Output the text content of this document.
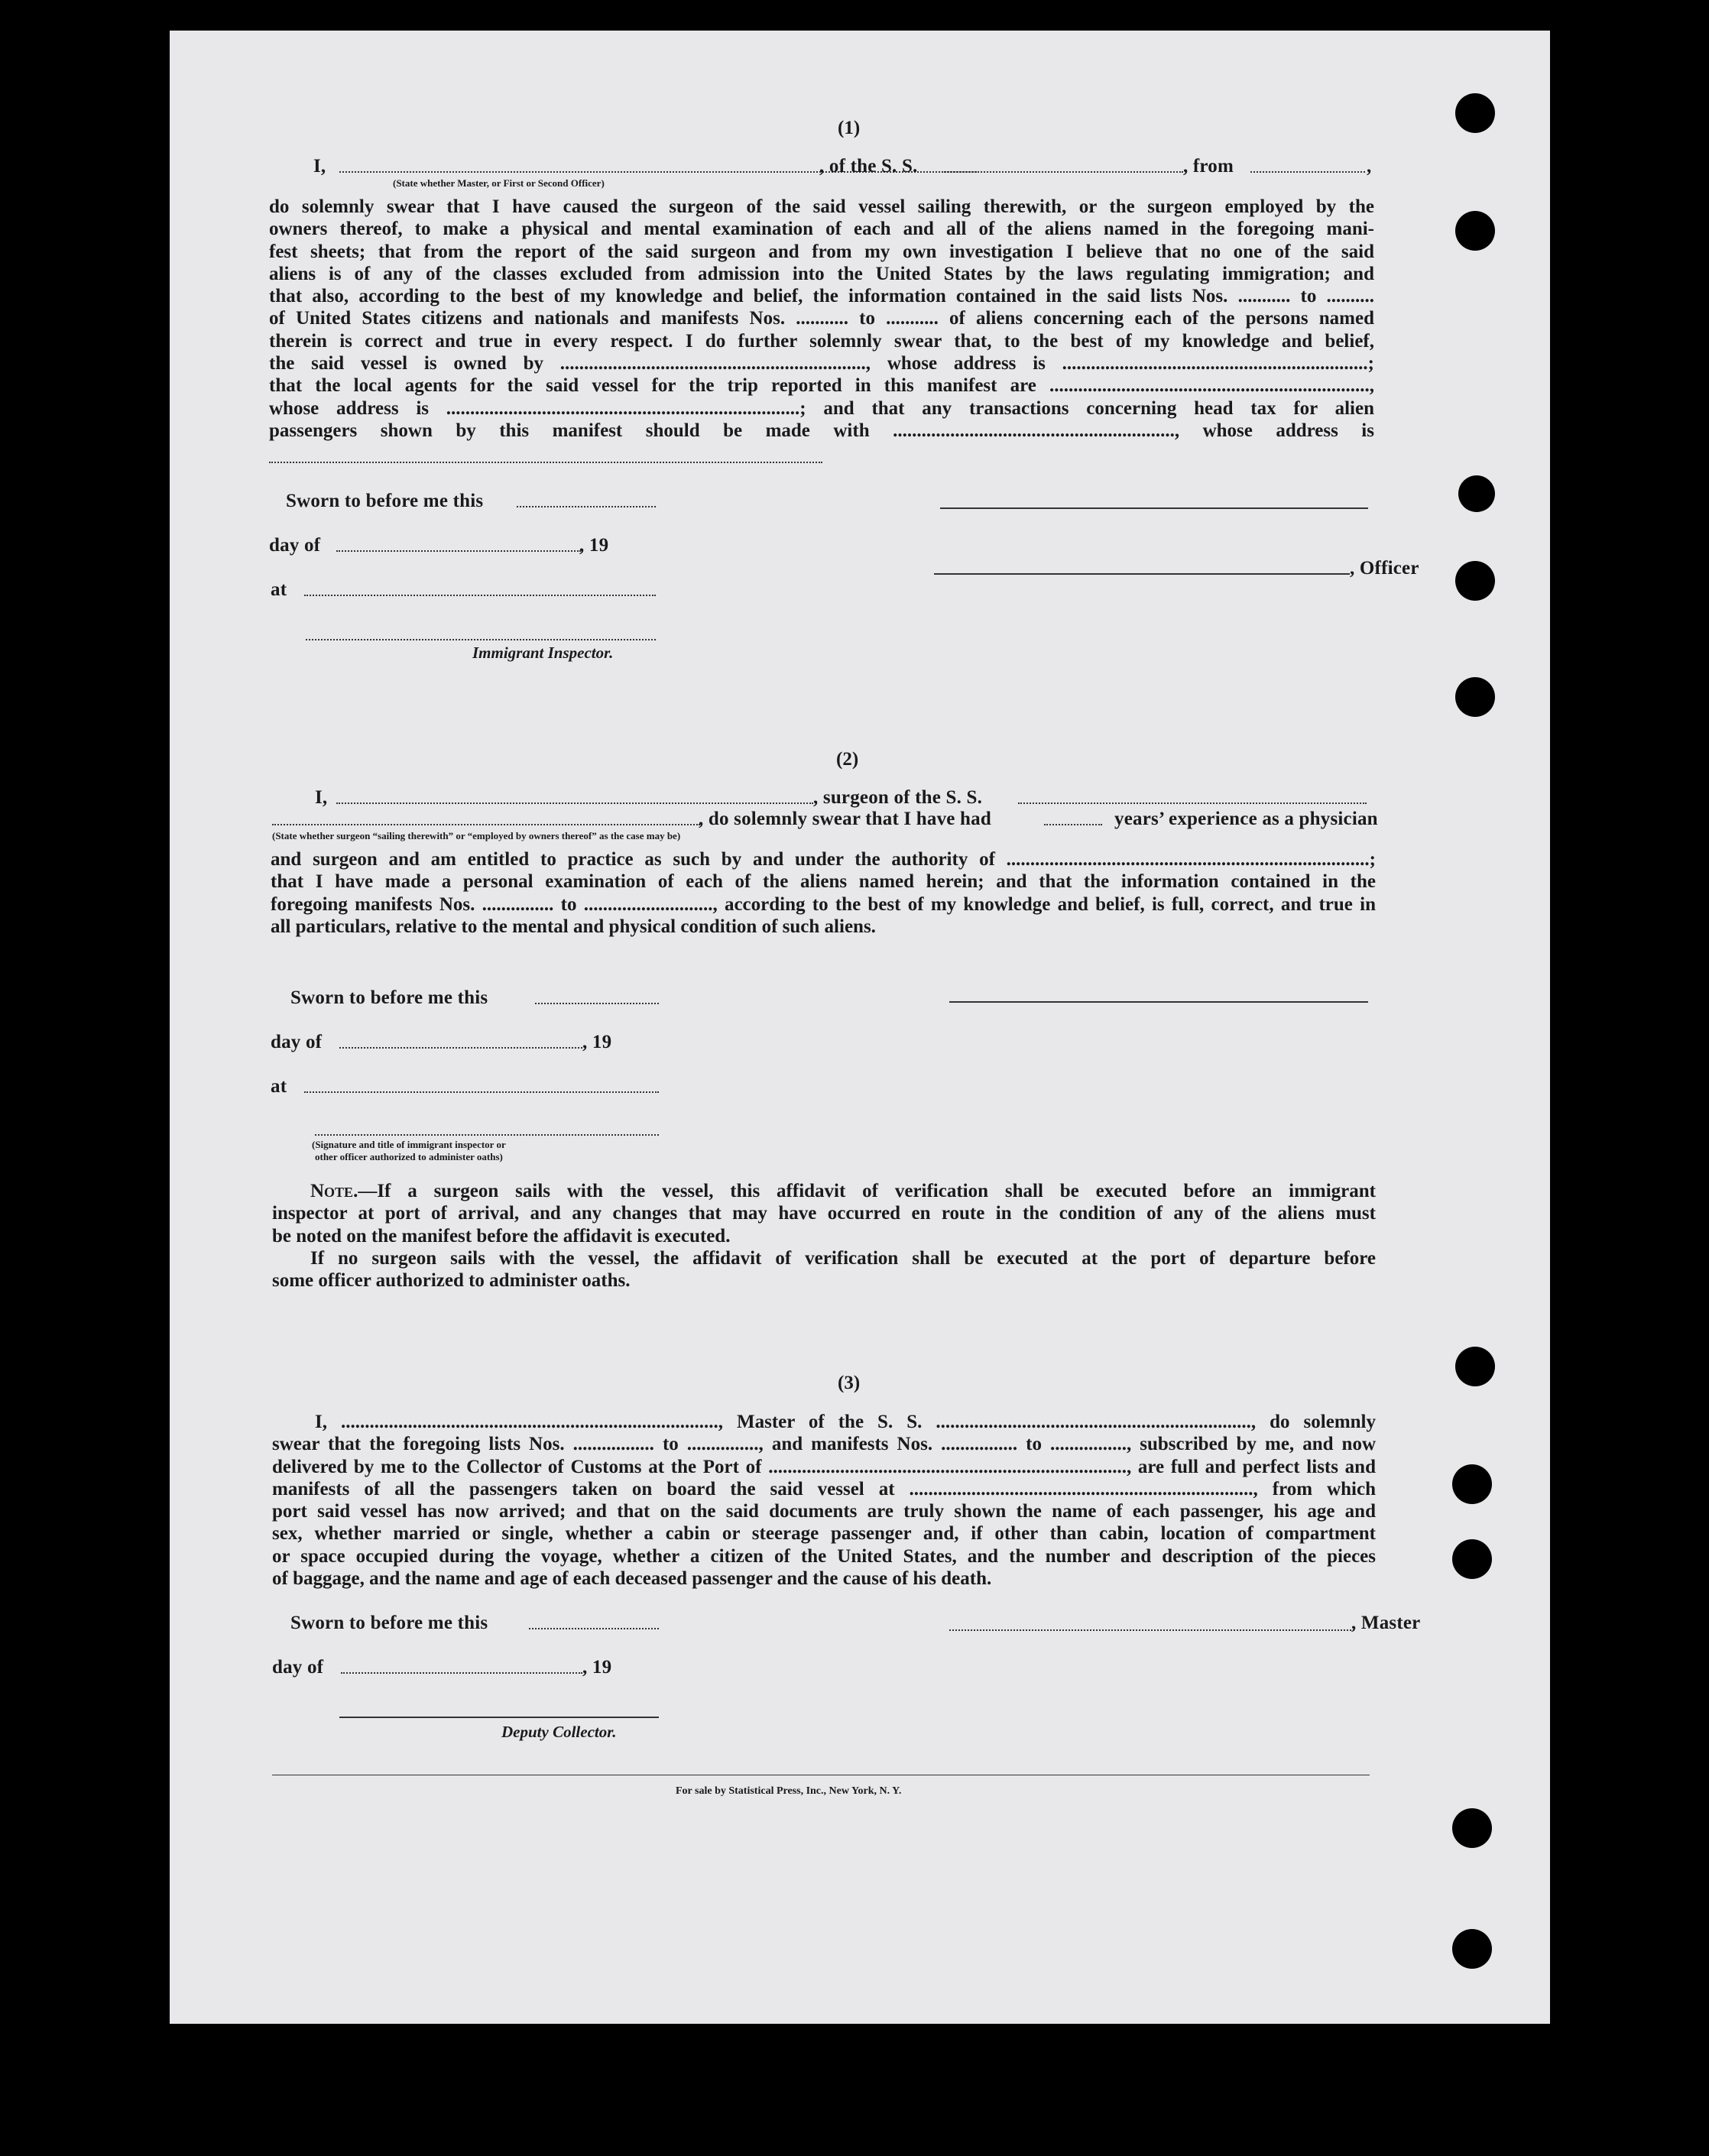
(1)
I,	, of the S. S.	, from	,
(State whether Master, or First or Second Officer)
do solemnly swear that I have caused the surgeon of the said vessel sailing therewith, or the surgeon employed by the
owners thereof, to make a physical and mental examination of each and all of the aliens named in the foregoing mani-
fest sheets; that from the report of the said surgeon and from my own investigation I believe that no one of the said
aliens is of any of the classes excluded from admission into the United States by the laws regulating immigration; and
that also, according to the best of my knowledge and belief, the information contained in the said lists Nos. ........... to ..........
of United States citizens and nationals and manifests Nos. ........... to ........... of aliens concerning each of the persons named
therein is correct and true in every respect. I do further solemnly swear that, to the best of my knowledge and belief,
the said vessel is owned by ................................................................, whose address is ................................................................;
that the local agents for the said vessel for the trip reported in this manifest are ...................................................................,
whose address is ..........................................................................; and that any transactions concerning head tax for alien
passengers shown by this manifest should be made with ..........................................................., whose address is
Sworn to before me this
day of	, 19
, Officer
at
Immigrant Inspector.
(2)
I,	, surgeon of the S. S.
, do solemnly swear that I have had	years’ experience as a physician
(State whether surgeon “sailing therewith” or “employed by owners thereof” as the case may be)
and surgeon and am entitled to practice as such by and under the authority of ............................................................................;
that I have made a personal examination of each of the aliens named herein; and that the information contained in the
foregoing manifests Nos. ............... to ..........................., according to the best of my knowledge and belief, is full, correct, and true in
all particulars, relative to the mental and physical condition of such aliens.
Sworn to before me this
day of	, 19
at
(Signature and title of immigrant inspector or
other officer authorized to administer oaths)
Note.—If a surgeon sails with the vessel, this affidavit of verification shall be executed before an immigrant
inspector at port of arrival, and any changes that may have occurred en route in the condition of any of the aliens must
be noted on the manifest before the affidavit is executed.
If no surgeon sails with the vessel, the affidavit of verification shall be executed at the port of departure before
some officer authorized to administer oaths.
(3)
I, ..............................................................................., Master of the S. S. .................................................................., do solemnly
swear that the foregoing lists Nos. ................. to ..............., and manifests Nos. ................ to ................, subscribed by me, and now
delivered by me to the Collector of Customs at the Port of ..........................................................................., are full and perfect lists and
manifests of all the passengers taken on board the said vessel at ........................................................................, from which
port said vessel has now arrived; and that on the said documents are truly shown the name of each passenger, his age and
sex, whether married or single, whether a cabin or steerage passenger and, if other than cabin, location of compartment
or space occupied during the voyage, whether a citizen of the United States, and the number and description of the pieces
of baggage, and the name and age of each deceased passenger and the cause of his death.
Sworn to before me this	, Master
day of	, 19
Deputy Collector.
For sale by Statistical Press, Inc., New York, N. Y.
